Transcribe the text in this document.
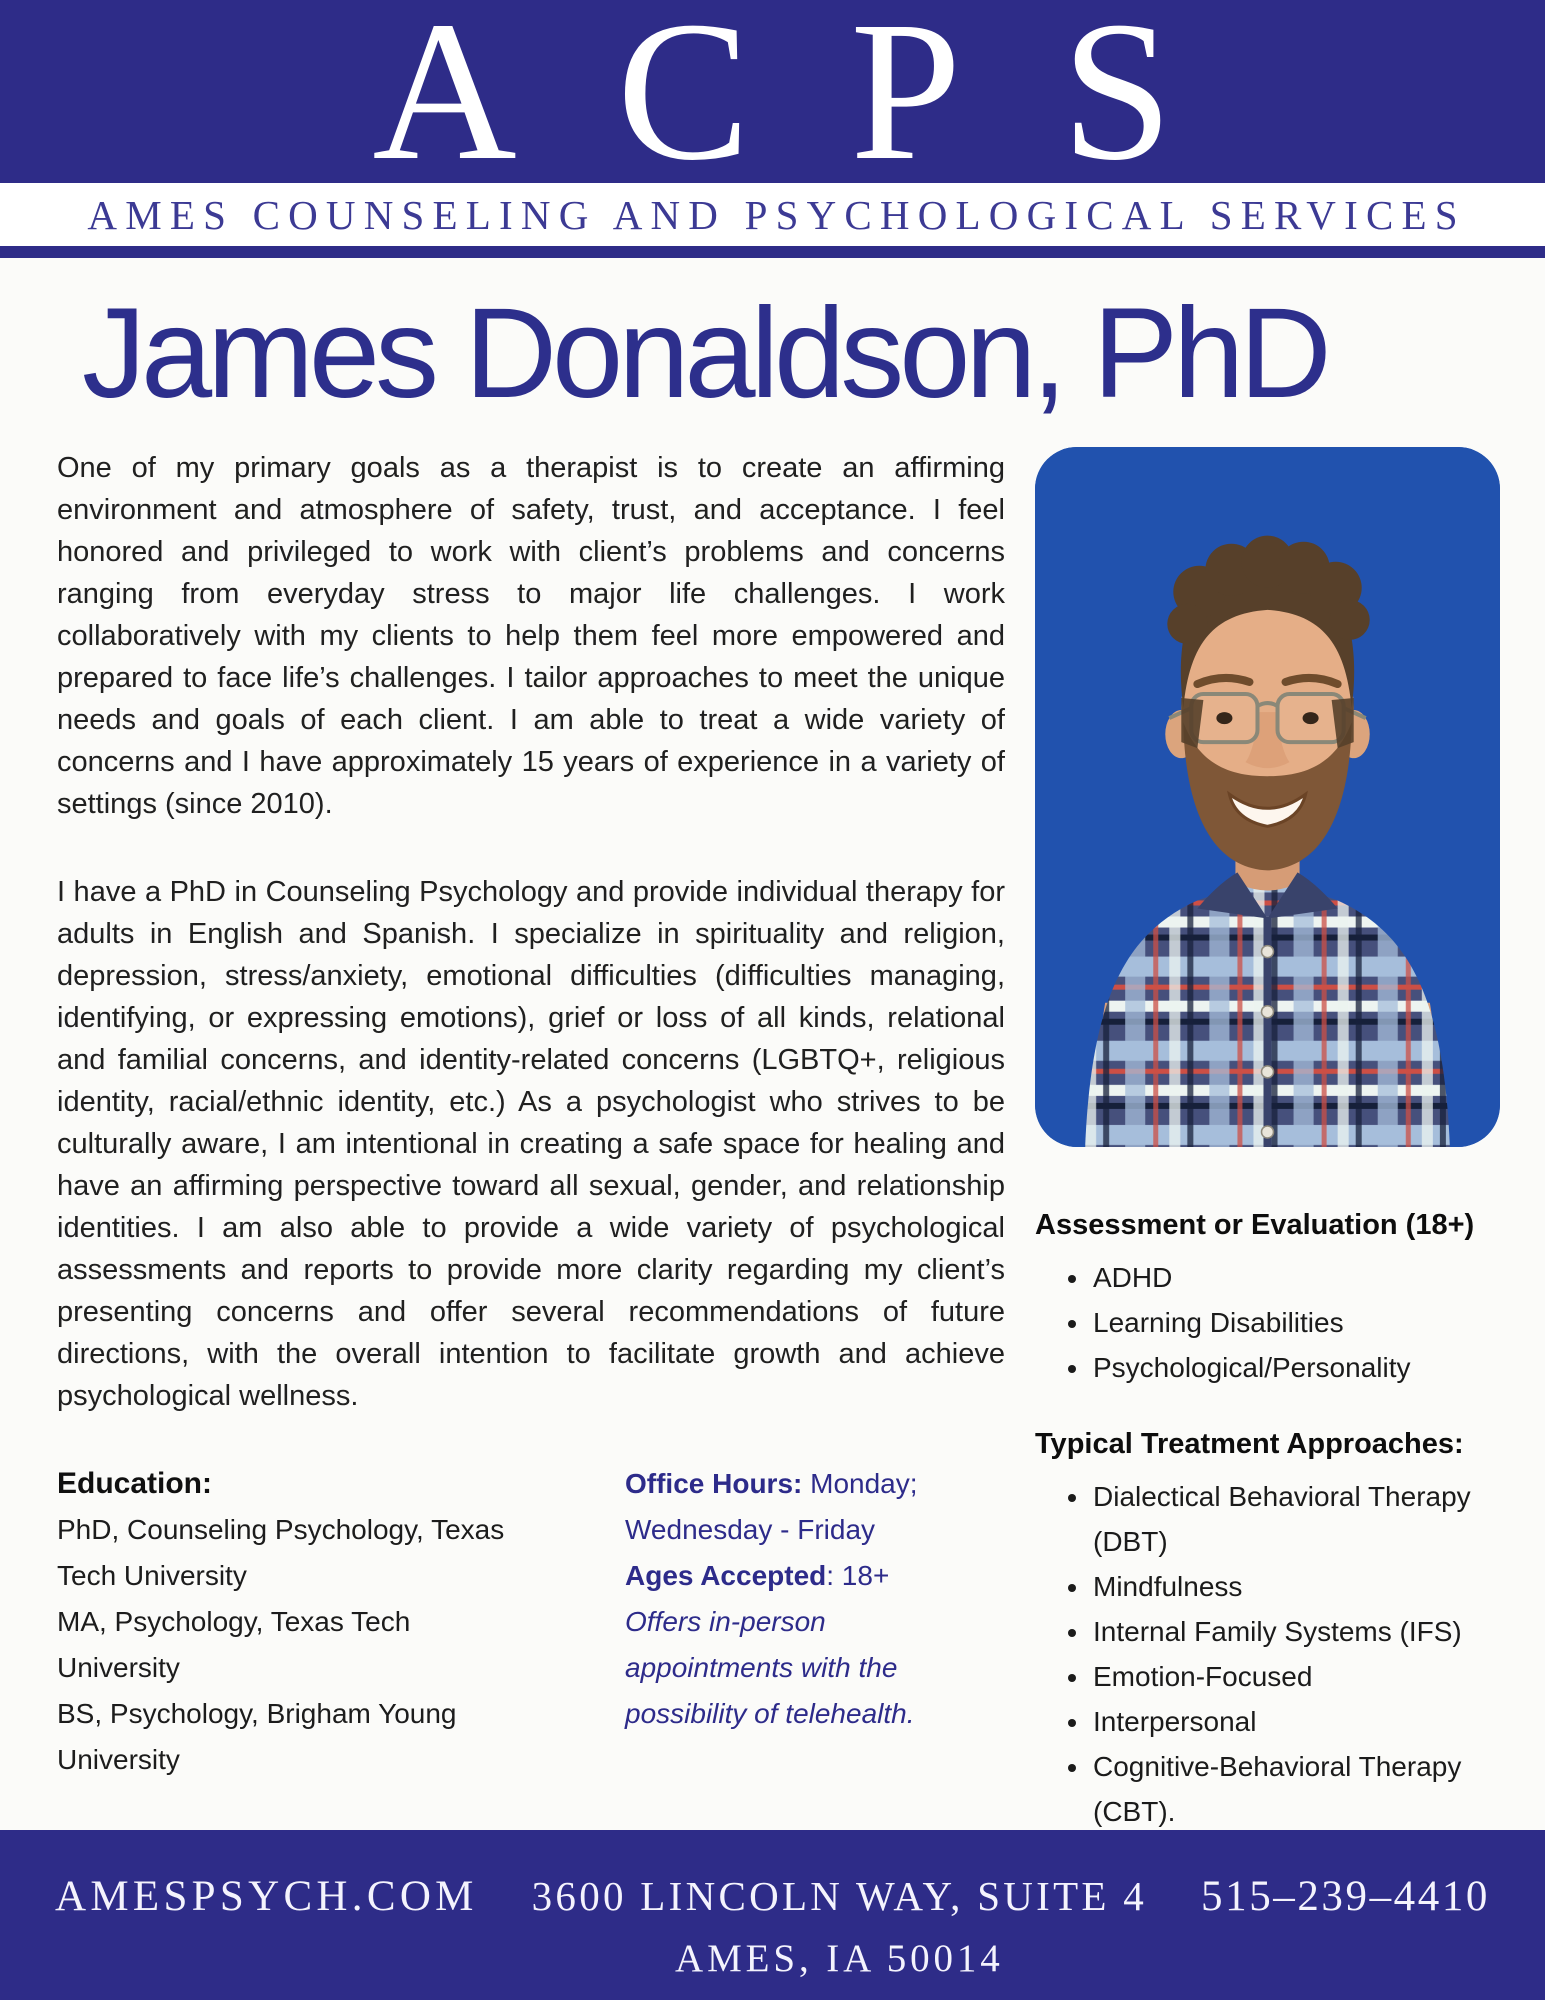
ACPS
AMES COUNSELING AND PSYCHOLOGICAL SERVICES
James Donaldson, PhD

One of my primary goals as a therapist is to create an affirming environment and atmosphere of safety, trust, and acceptance. I feel honored and privileged to work with client’s problems and concerns ranging from everyday stress to major life challenges. I work collaboratively with my clients to help them feel more empowered and prepared to face life’s challenges. I tailor approaches to meet the unique needs and goals of each client. I am able to treat a wide variety of concerns and I have approximately 15 years of experience in a variety of settings (since 2010).

I have a PhD in Counseling Psychology and provide individual therapy for adults in English and Spanish. I specialize in spirituality and religion, depression, stress/anxiety, emotional difficulties (difficulties managing, identifying, or expressing emotions), grief or loss of all kinds, relational and familial concerns, and identity-related concerns (LGBTQ+, religious identity, racial/ethnic identity, etc.) As a psychologist who strives to be culturally aware, I am intentional in creating a safe space for healing and have an affirming perspective toward all sexual, gender, and relationship identities. I am also able to provide a wide variety of psychological assessments and reports to provide more clarity regarding my client’s presenting concerns and offer several recommendations of future directions, with the overall intention to facilitate growth and achieve psychological wellness.

Education:

PhD, Counseling Psychology, Texas Tech University

MA, Psychology, Texas Tech University

BS, Psychology, Brigham Young University

Office Hours: Monday; Wednesday - Friday

Ages Accepted: 18+

Offers in-person appointments with the possibility of telehealth.

Assessment or Evaluation (18+)
• ADHD
• Learning Disabilities
• Psychological/Personality
Typical Treatment Approaches:
• Dialectical Behavioral Therapy (DBT)
• Mindfulness
• Internal Family Systems (IFS)
• Emotion-Focused
• Interpersonal
• Cognitive-Behavioral Therapy (CBT).
AMESPSYCH.COM	3600 LINCOLN WAY, SUITE 4
AMES, IA 50014
515–239–4410
